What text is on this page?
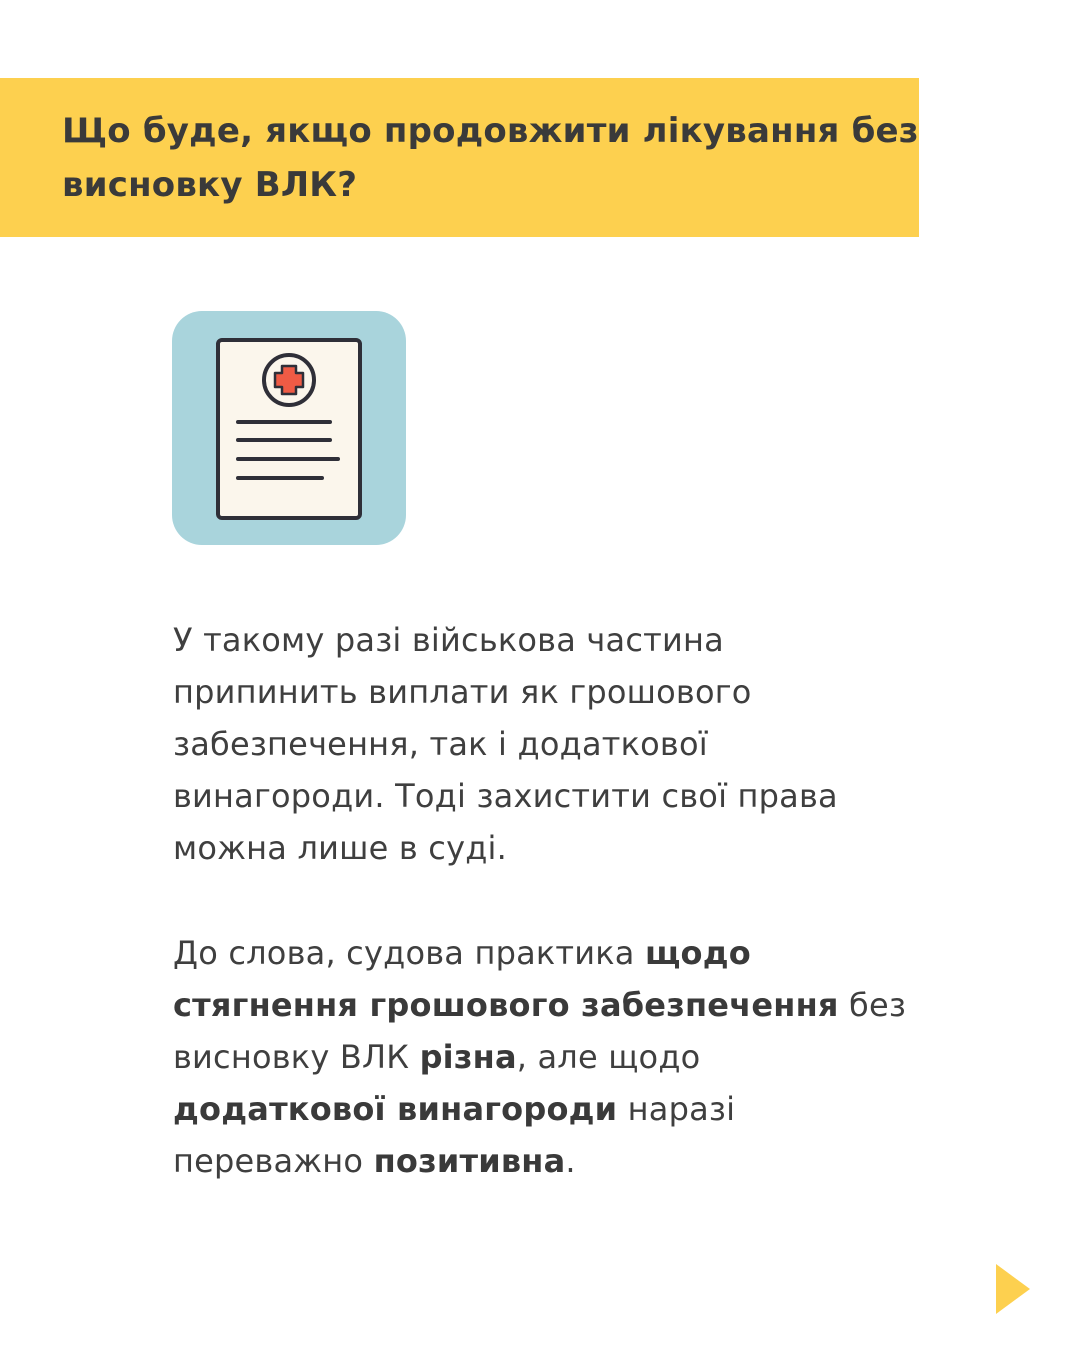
Що буде, якщо продовжити лікування без
висновку ВЛК?

У такому разі військова частина
припинить виплати як грошового
забезпечення, так і додаткової
винагороди. Тоді захистити свої права
можна лише в суді.

До слова, судова практика щодо
стягнення грошового забезпечення без
висновку ВЛК різна, але щодо
додаткової винагороди наразі
переважно позитивна.
